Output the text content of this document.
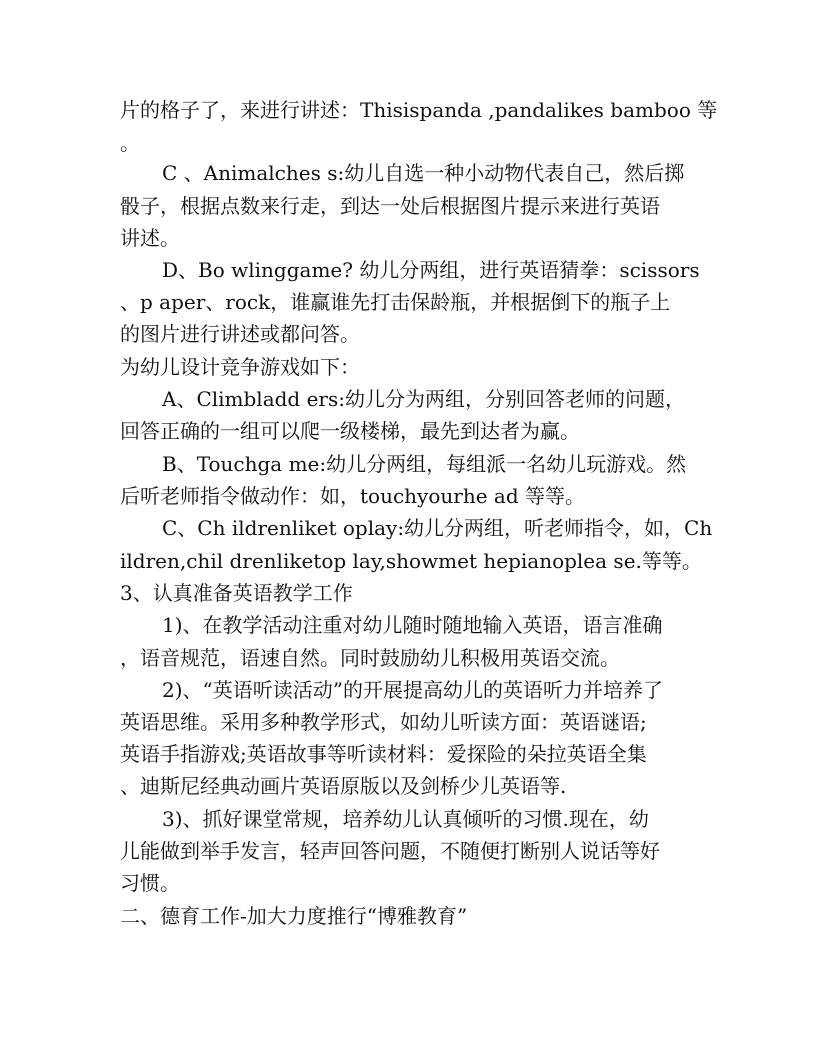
片的格子了，来进行讲述：Thisispanda ,pandalikes bamboo 等
。
C 、Animalches s:幼儿自选一种小动物代表自己，然后掷
骰子，根据点数来行走，到达一处后根据图片提示来进行英语
讲述。
D、Bo wlinggame? 幼儿分两组，进行英语猜拳：scissors
、p aper、rock，谁赢谁先打击保龄瓶，并根据倒下的瓶子上
的图片进行讲述或都问答。
为幼儿设计竞争游戏如下：
A、Climbladd ers:幼儿分为两组，分别回答老师的问题，
回答正确的一组可以爬一级楼梯，最先到达者为赢。
B、Touchga me:幼儿分两组，每组派一名幼儿玩游戏。然
后听老师指令做动作：如，touchyourhe ad 等等。
C、Ch ildrenliket oplay:幼儿分两组，听老师指令，如，Ch
ildren,chil drenliketop lay,showmet hepianoplea se.等等。
3、认真准备英语教学工作
1)、在教学活动注重对幼儿随时随地输入英语，语言准确
，语音规范，语速自然。同时鼓励幼儿积极用英语交流。
2)、“英语听读活动”的开展提高幼儿的英语听力并培养了
英语思维。采用多种教学形式，如幼儿听读方面：英语谜语;
英语手指游戏;英语故事等听读材料：爱探险的朵拉英语全集
、迪斯尼经典动画片英语原版以及剑桥少儿英语等.
3)、抓好课堂常规，培养幼儿认真倾听的习惯.现在，幼
儿能做到举手发言，轻声回答问题，不随便打断别人说话等好
习惯。
二、德育工作-加大力度推行“博雅教育”
